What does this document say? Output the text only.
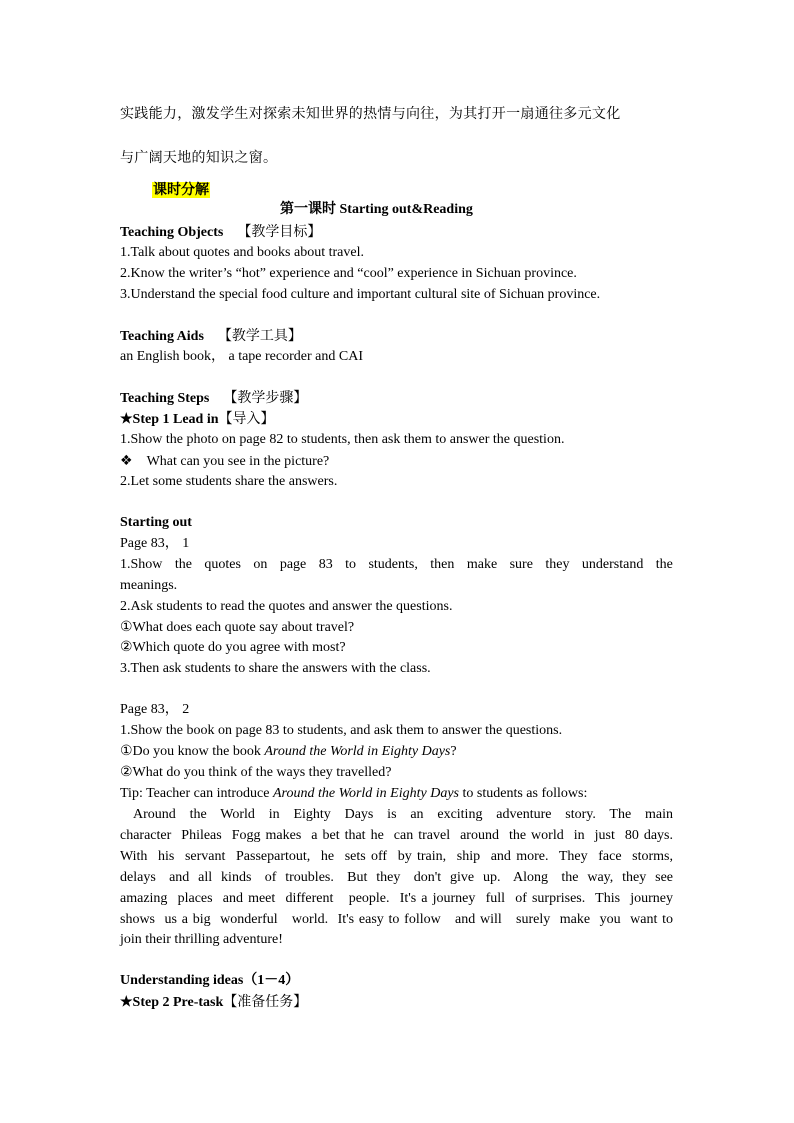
实践能力，激发学生对探索未知世界的热情与向往，为其打开一扇通往多元文化
与广阔天地的知识之窗。
课时分解
第一课时 Starting out&Reading
Teaching Objects 【教学目标】
1.Talk about quotes and books about travel.
2.Know the writer’s “hot” experience and “cool” experience in Sichuan province.
3.Understand the special food culture and important cultural site of Sichuan province.
Teaching Aids 【教学工具】
an English book， a tape recorder and CAI
Teaching Steps 【教学步骤】
★Step 1 Lead in【导入】
1.Show the photo on page 82 to students, then ask them to answer the question.
❖ What can you see in the picture?
2.Let some students share the answers.
Starting out
Page 83， 1
1.Show the quotes on page 83 to students, then make sure they understand the
meanings.
2.Ask students to read the quotes and answer the questions.
①What does each quote say about travel?
②Which quote do you agree with most?
3.Then ask students to share the answers with the class.
Page 83， 2
1.Show the book on page 83 to students, and ask them to answer the questions.
①Do you know the book Around the World in Eighty Days?
②What do you think of the ways they travelled?
Tip: Teacher can introduce Around the World in Eighty Days to students as follows:
Around   the   World   in   Eighty   Days   is   an   exciting   adventure   story.   The   main
character  Phileas  Fogg makes  a bet that he  can travel  around  the world  in  just  80 days.
With  his  servant  Passepartout,  he  sets off  by train,  ship  and more.  They  face  storms,
delays   and  all  kinds   of  troubles.   But  they   don't  give  up.   Along   the  way,  they  see
amazing  places  and meet  different   people.  It's a journey  full  of surprises.  This  journey
shows  us a big  wonderful   world.  It's easy to follow   and will   surely  make  you  want to
join their thrilling adventure!
Understanding ideas（1－4）
★Step 2 Pre-task【准备任务】
